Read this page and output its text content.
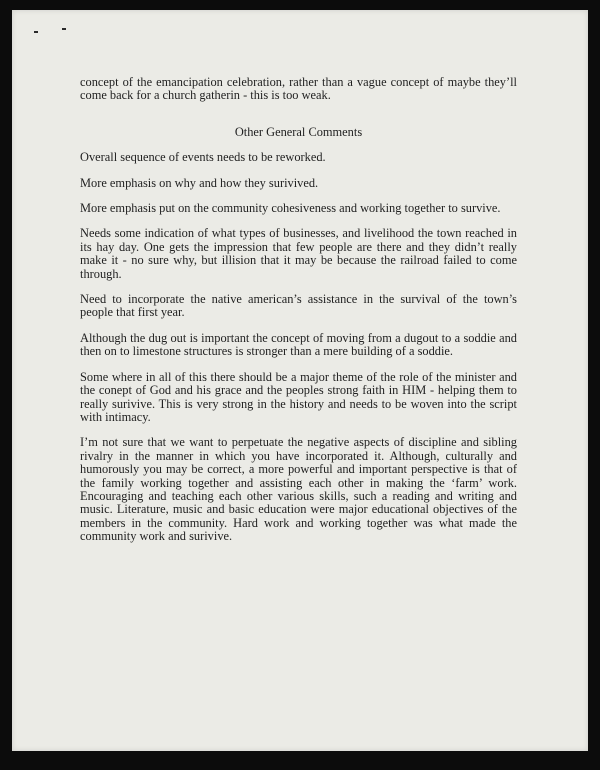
concept of the emancipation celebration, rather than a vague concept of maybe they’ll come back for a church gatherin - this is too weak.

Other General Comments

Overall sequence of events needs to be reworked.

More emphasis on why and how they surivived.

More emphasis put on the community cohesiveness and working together to survive.

Needs some indication of what types of businesses, and livelihood the town reached in its hay day. One gets the impression that few people are there and they didn’t really make it - no sure why, but illision that it may be because the railroad failed to come through.

Need to incorporate the native american’s assistance in the survival of the town’s people that first year.

Although the dug out is important the concept of moving from a dugout to a soddie and then on to limestone structures is stronger than a mere building of a soddie.

Some where in all of this there should be a major theme of the role of the minister and the conept of God and his grace and the peoples strong faith in HIM - helping them to really surivive. This is very strong in the history and needs to be woven into the script with intimacy.

I’m not sure that we want to perpetuate the negative aspects of discipline and sibling rivalry in the manner in which you have incorporated it. Although, culturally and humorously you may be correct, a more powerful and important perspective is that of the family working together and assisting each other in making the ‘farm’ work. Encouraging and teaching each other various skills, such a reading and writing and music. Literature, music and basic education were major educational objectives of the members in the community. Hard work and working together was what made the community work and surivive.
